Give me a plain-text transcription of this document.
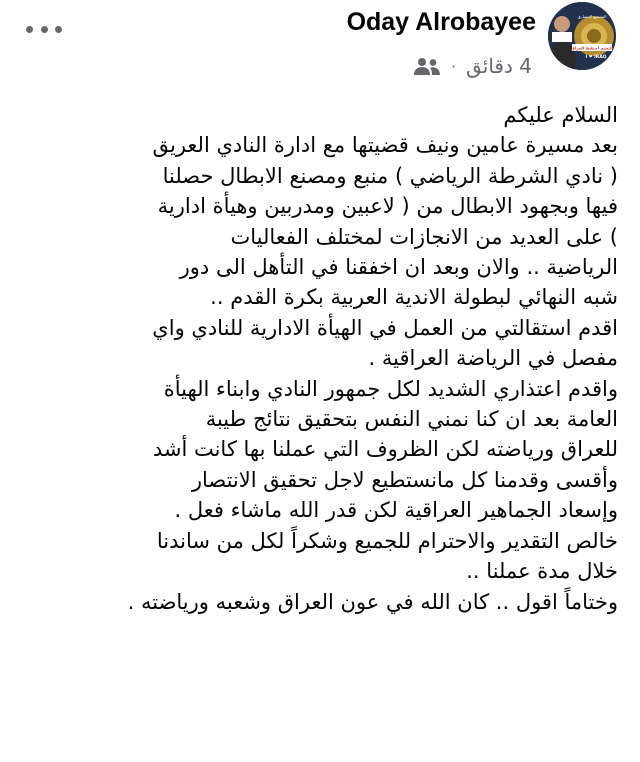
التشجيع الحضاري
التشم احتفظ العراق
I ❤ IRAQ
Oday Alrobayee
· 4 دقائق
السلام عليكم
بعد مسيرة عامين ونيف قضيتها مع ادارة النادي العريق
( نادي الشرطة الرياضي ) منبع ومصنع الابطال حصلنا
فيها وبجهود الابطال من ( لاعبين ومدربين وهيأة ادارية
) على العديد من الانجازات لمختلف الفعاليات
الرياضية .. والان وبعد ان اخفقنا في التأهل الى دور
شبه النهائي لبطولة الاندية العربية بكرة القدم ..
اقدم استقالتي من العمل في الهيأة الادارية للنادي واي
مفصل في الرياضة العراقية .
واقدم اعتذاري الشديد لكل جمهور النادي وابناء الهيأة
العامة بعد ان كنا نمني النفس بتحقيق نتائج طيبة
للعراق ورياضته لكن الظروف التي عملنا بها كانت أشد
وأقسى وقدمنا كل مانستطيع لاجل تحقيق الانتصار
وإسعاد الجماهير العراقية لكن قدر الله ماشاء فعل .
خالص التقدير والاحترام للجميع وشكراً لكل من ساندنا
خلال مدة عملنا ..
وختاماً اقول .. كان الله في عون العراق وشعبه ورياضته .
